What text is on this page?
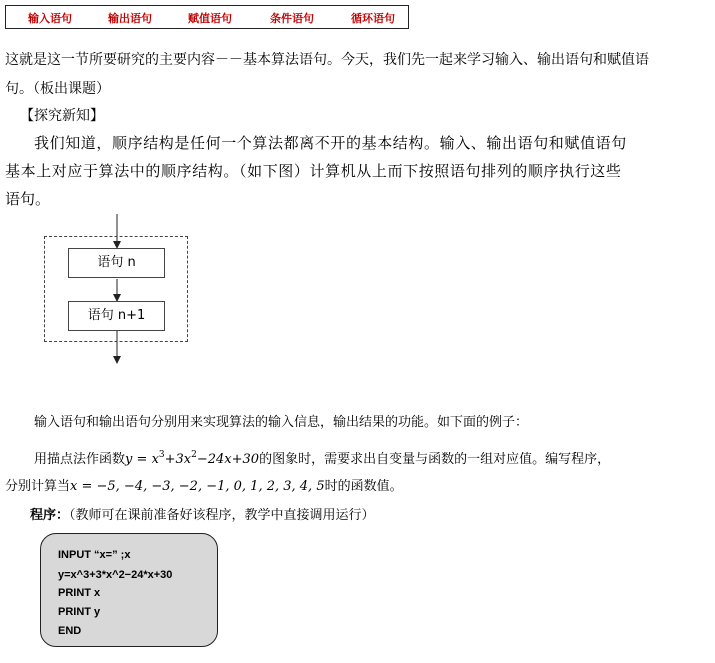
输入语句	输出语句	赋值语句	条件语句	循环语句
这就是这一节所要研究的主要内容－－基本算法语句。今天，我们先一起来学习输入、输出语句和赋值语
句。（板出课题）
【探究新知】
我们知道，顺序结构是任何一个算法都离不开的基本结构。输入、输出语句和赋值语句
基本上对应于算法中的顺序结构。（如下图）计算机从上而下按照语句排列的顺序执行这些
语句。
语句 n
语句 n+1
输入语句和输出语句分别用来实现算法的输入信息，输出结果的功能。如下面的例子：
用描点法作函数$y = x^3+3x^2-24x+30$的图象时，需要求出自变量与函数的一组对应值。编写程序，
分别计算当x = −5, −4, −3, −2, −1, 0, 1, 2, 3, 4, 5时的函数值。
程序：（教师可在课前准备好该程序，教学中直接调用运行）
INPUT “x=” ;x
y=x^3+3*x^2−24*x+30
PRINT x
PRINT y
END
